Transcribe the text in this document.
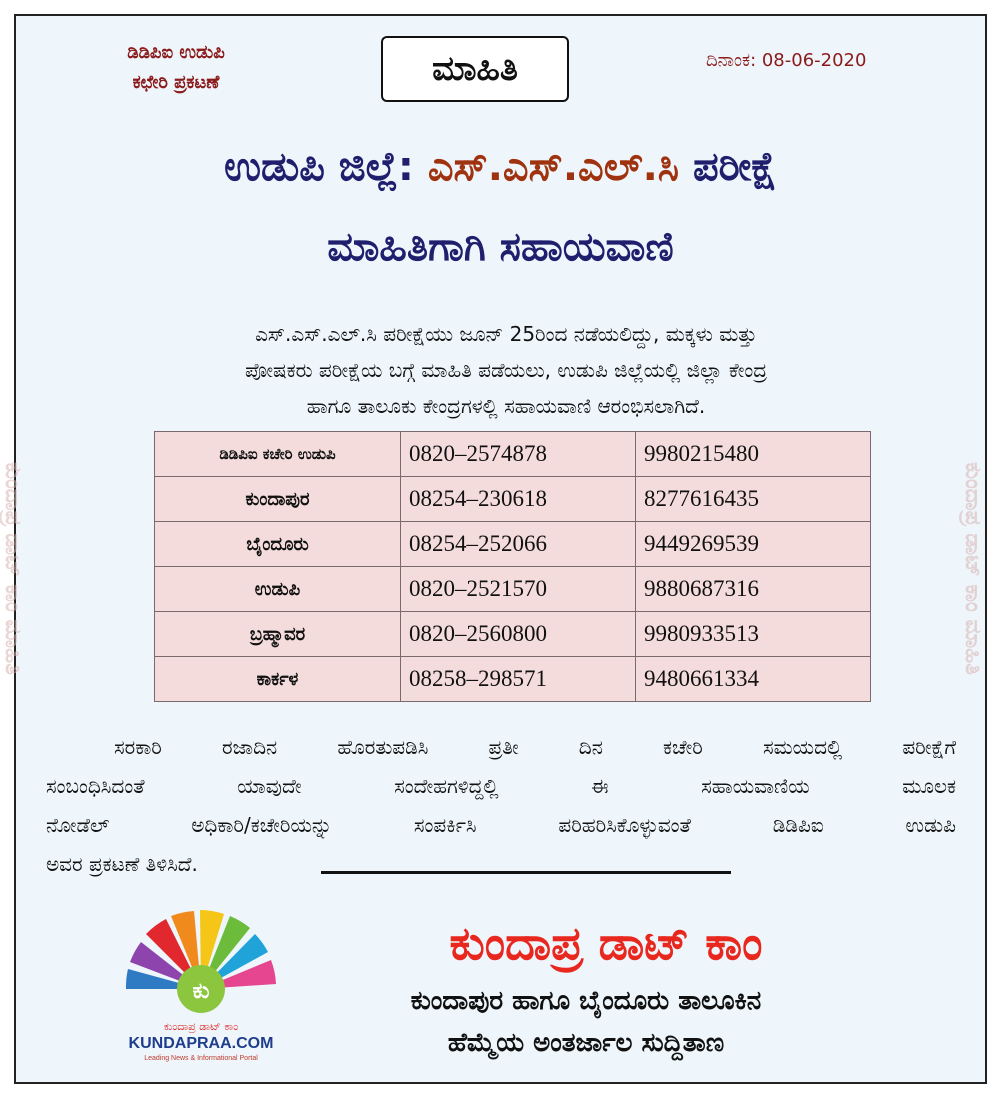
ಕುಂದಾಪ್ರ ಡಾಟ್ ಕಾಂ ಮಾಹಿತಿ	ಕುಂದಾಪ್ರ ಡಾಟ್ ಕಾಂ ಮಾಹಿತಿ
ಡಿಡಿಪಿಐ ಉಡುಪಿ
ಕಛೇರಿ ಪ್ರಕಟಣೆ	ಮಾಹಿತಿ	ದಿನಾಂಕ: 08-06-2020
ಉಡುಪಿ ಜಿಲ್ಲೆ: ಎಸ್.ಎಸ್.ಎಲ್.ಸಿ ಪರೀಕ್ಷೆ
ಮಾಹಿತಿಗಾಗಿ ಸಹಾಯವಾಣಿ
ಎಸ್.ಎಸ್.ಎಲ್.ಸಿ ಪರೀಕ್ಷೆಯು ಜೂನ್ 25ರಿಂದ ನಡೆಯಲಿದ್ದು, ಮಕ್ಕಳು ಮತ್ತು
ಪೋಷಕರು ಪರೀಕ್ಷೆಯ ಬಗ್ಗೆ ಮಾಹಿತಿ ಪಡೆಯಲು, ಉಡುಪಿ ಜಿಲ್ಲೆಯಲ್ಲಿ ಜಿಲ್ಲಾ ಕೇಂದ್ರ
ಹಾಗೂ ತಾಲೂಕು ಕೇಂದ್ರಗಳಲ್ಲಿ ಸಹಾಯವಾಣಿ ಆರಂಭಿಸಲಾಗಿದೆ.
ಡಿಡಿಪಿಐ ಕಚೇರಿ ಉಡುಪಿ	0820–2574878	9980215480
ಕುಂದಾಪುರ	08254–230618	8277616435
ಬೈಂದೂರು	08254–252066	9449269539
ಉಡುಪಿ	0820–2521570	9880687316
ಬ್ರಹ್ಮಾವರ	0820–2560800	9980933513
ಕಾರ್ಕಳ	08258–298571	9480661334
ಸರಕಾರಿ ರಜಾದಿನ ಹೊರತುಪಡಿಸಿ ಪ್ರತೀ ದಿನ ಕಚೇರಿ ಸಮಯದಲ್ಲಿ ಪರೀಕ್ಷೆಗೆ
ಸಂಬಂಧಿಸಿದಂತೆ ಯಾವುದೇ ಸಂದೇಹಗಳಿದ್ದಲ್ಲಿ ಈ ಸಹಾಯವಾಣಿಯ ಮೂಲಕ
ನೋಡೆಲ್ ಅಧಿಕಾರಿ/ಕಚೇರಿಯನ್ನು ಸಂಪರ್ಕಿಸಿ ಪರಿಹರಿಸಿಕೊಳ್ಳುವಂತೆ ಡಿಡಿಪಿಐ ಉಡುಪಿ
ಅವರ ಪ್ರಕಟಣೆ ತಿಳಿಸಿದೆ.
ಕು
ಕುಂದಾಪ್ರ ಡಾಟ್ ಕಾಂ
KUNDAPRAA.COM
Leading News & Informational Portal
ಕುಂದಾಪ್ರ ಡಾಟ್ ಕಾಂ
ಕುಂದಾಪುರ ಹಾಗೂ ಬೈಂದೂರು ತಾಲೂಕಿನ
ಹೆಮ್ಮೆಯ ಅಂತರ್ಜಾಲ ಸುದ್ದಿತಾಣ
